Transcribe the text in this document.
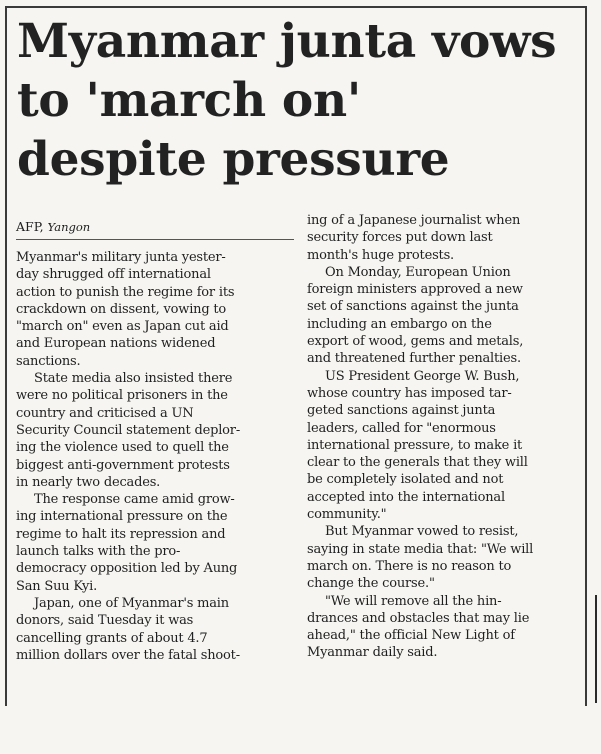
Myanmar junta vows
to 'march on'
despite pressure
AFP, Yangon
Myanmar's military junta yester-
day shrugged off international
action to punish the regime for its
crackdown on dissent, vowing to
"march on" even as Japan cut aid
and European nations widened
sanctions.
State media also insisted there
were no political prisoners in the
country and criticised a UN
Security Council statement deplor-
ing the violence used to quell the
biggest anti-government protests
in nearly two decades.
The response came amid grow-
ing international pressure on the
regime to halt its repression and
launch talks with the pro-
democracy opposition led by Aung
San Suu Kyi.
Japan, one of Myanmar's main
donors, said Tuesday it was
cancelling grants of about 4.7
million dollars over the fatal shoot-
ing of a Japanese journalist when
security forces put down last
month's huge protests.
On Monday, European Union
foreign ministers approved a new
set of sanctions against the junta
including an embargo on the
export of wood, gems and metals,
and threatened further penalties.
US President George W. Bush,
whose country has imposed tar-
geted sanctions against junta
leaders, called for "enormous
international pressure, to make it
clear to the generals that they will
be completely isolated and not
accepted into the international
community."
But Myanmar vowed to resist,
saying in state media that: "We will
march on. There is no reason to
change the course."
"We will remove all the hin-
drances and obstacles that may lie
ahead," the official New Light of
Myanmar daily said.
